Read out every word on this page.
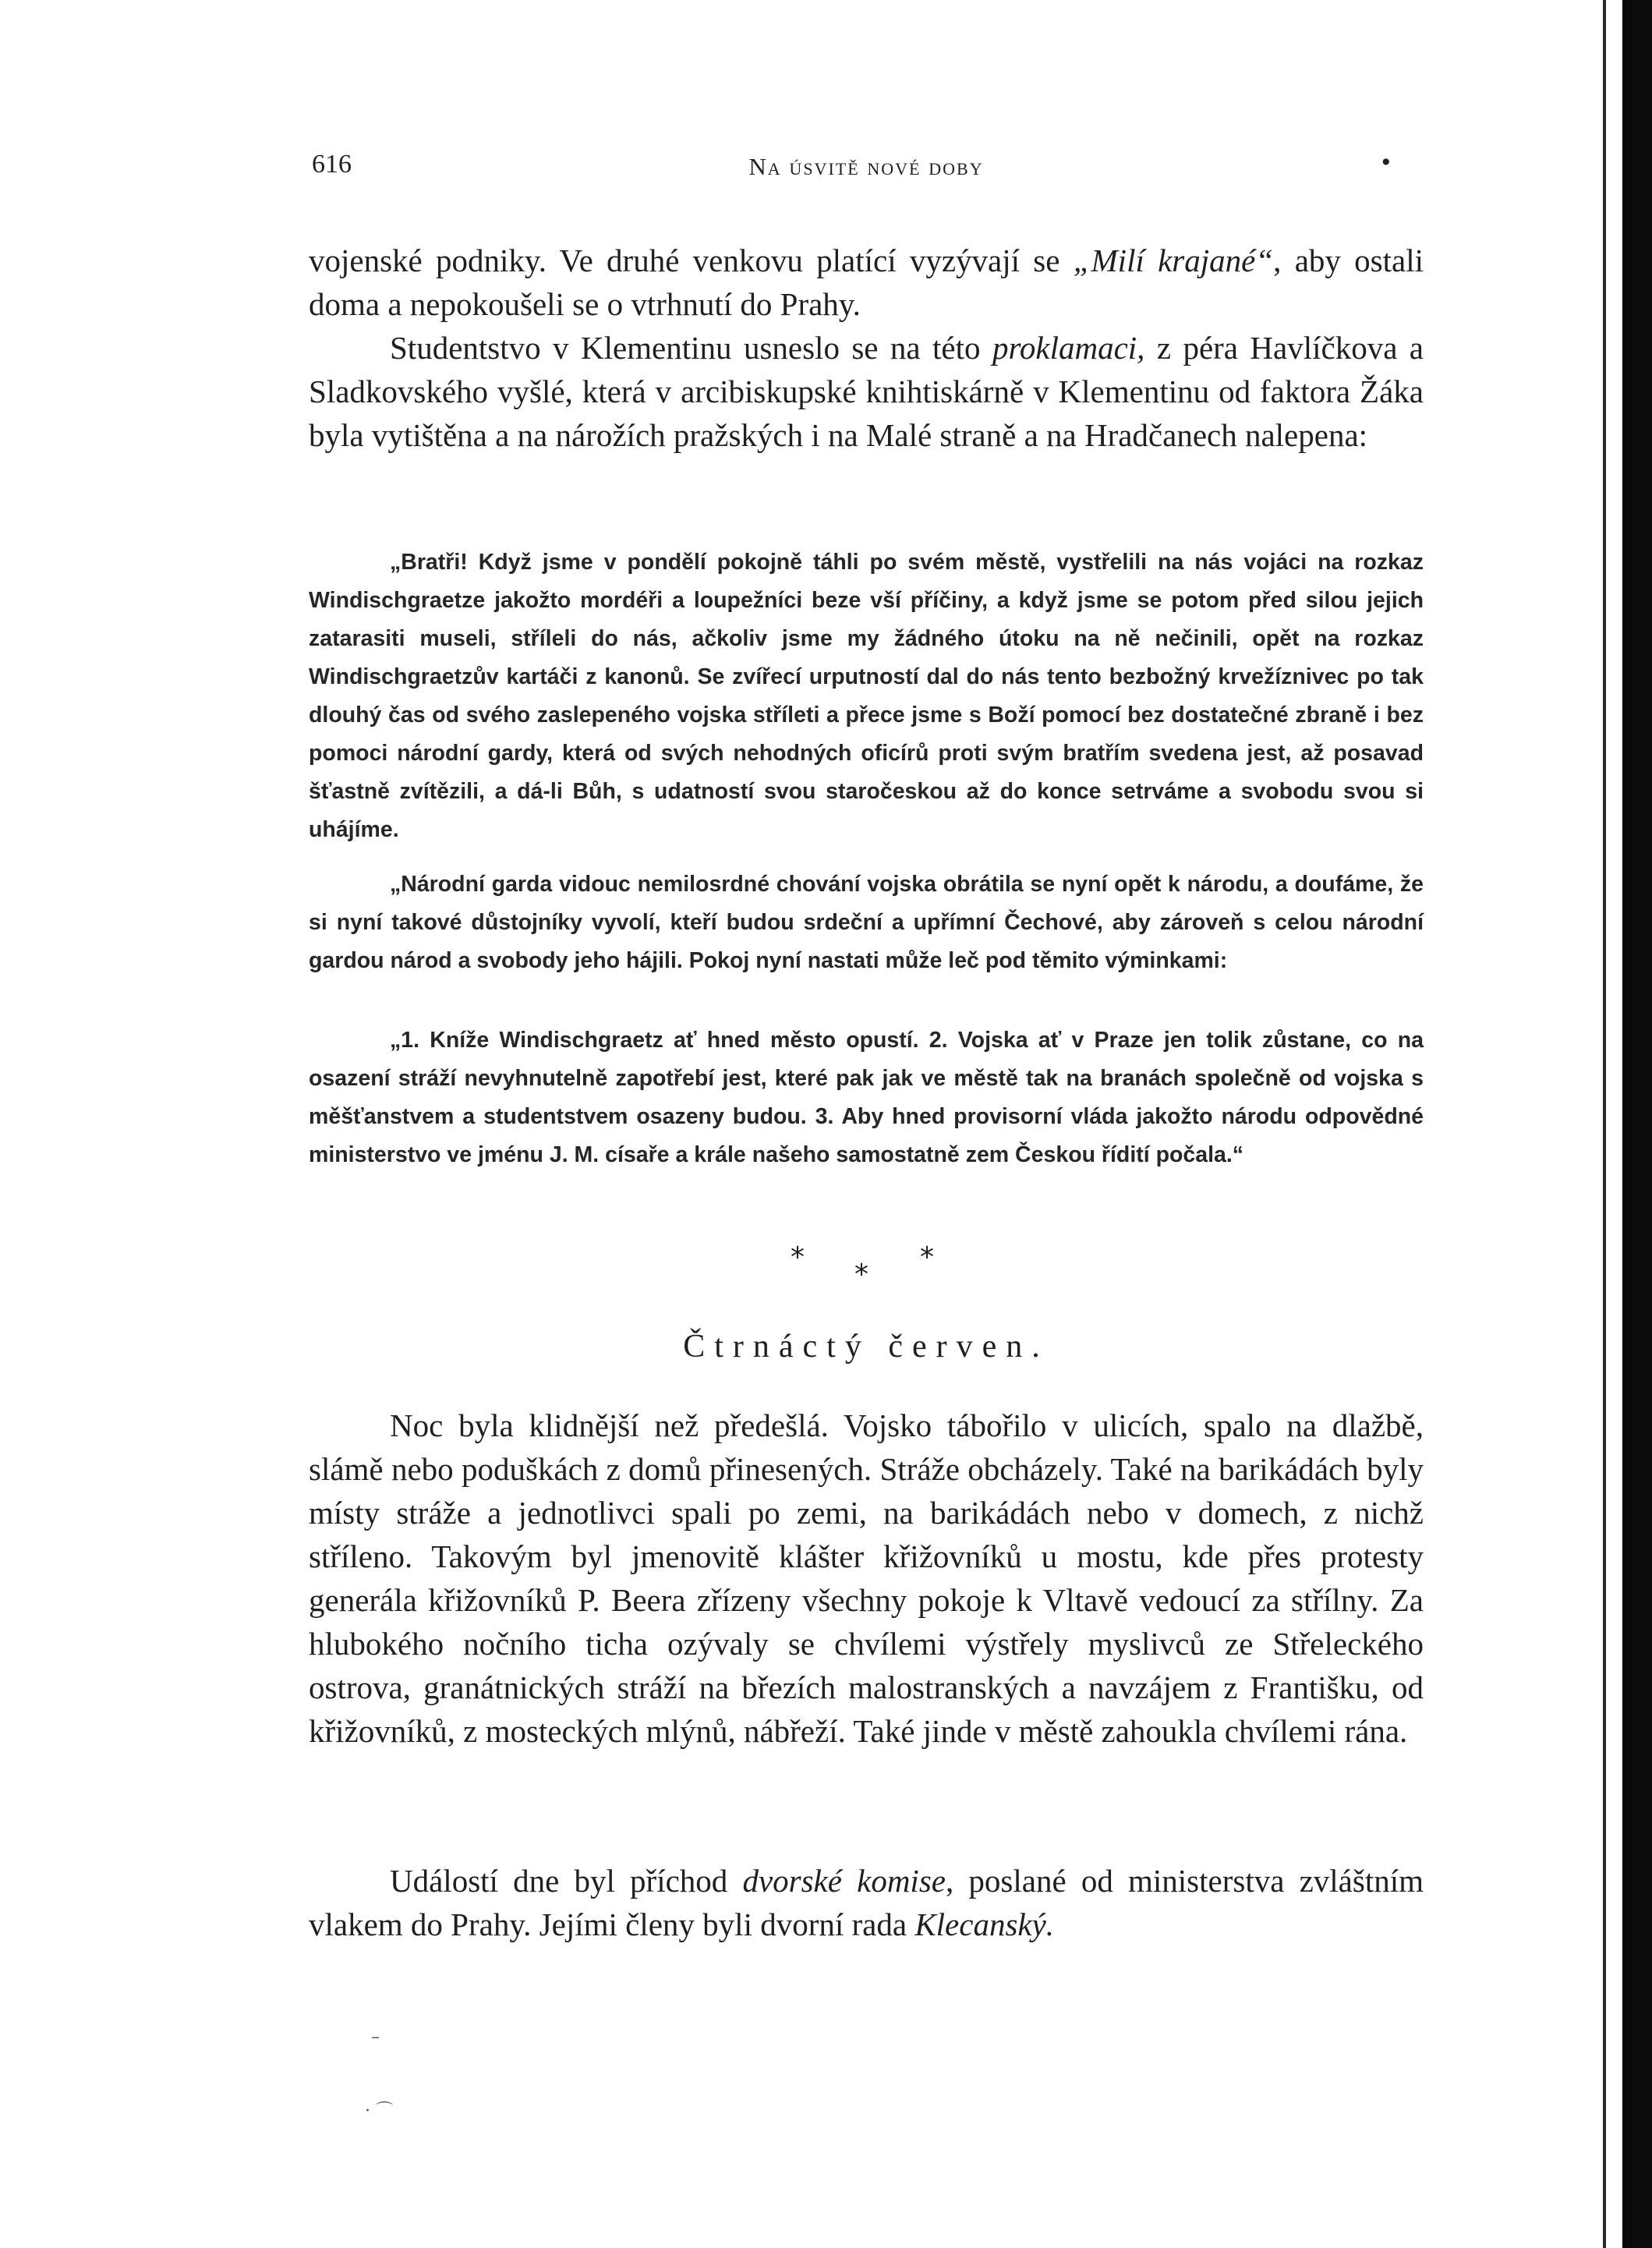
616	Na úsvitě nové doby	•

vojenské podniky. Ve druhé venkovu platící vyzývají se „Milí krajané“, aby ostali doma a nepokoušeli se o vtrhnutí do Prahy.

Studentstvo v Klementinu usneslo se na této proklamaci, z péra Havlíčkova a Sladkovského vyšlé, která v arcibiskupské knihtiskárně v Klementinu od faktora Žáka byla vytištěna a na nárožích pražských i na Malé straně a na Hradčanech nalepena:

„Bratři! Když jsme v pondělí pokojně táhli po svém městě, vystřelili na nás vojáci na rozkaz Windischgraetze jakožto mordéři a loupežníci beze vší příčiny, a když jsme se potom před silou jejich zatarasiti museli, stříleli do nás, ačkoliv jsme my žádného útoku na ně nečinili, opět na rozkaz Windischgraetzův kartáči z kanonů. Se zvířecí urputností dal do nás tento bezbožný krvežíznivec po tak dlouhý čas od svého zaslepeného vojska stříleti a přece jsme s Boží pomocí bez dostatečné zbraně i bez pomoci národní gardy, která od svých nehodných oficírů proti svým bratřím svedena jest, až posavad šťastně zvítězili, a dá-li Bůh, s udatností svou staročeskou až do konce setrváme a svobodu svou si uhájíme.

„Národní garda vidouc nemilosrdné chování vojska obrátila se nyní opět k národu, a doufáme, že si nyní takové důstojníky vyvolí, kteří budou srdeční a upřímní Čechové, aby zároveň s celou národní gardou národ a svobody jeho hájili. Pokoj nyní nastati může leč pod těmito výminkami:

„1. Kníže Windischgraetz ať hned město opustí. 2. Vojska ať v Praze jen tolik zůstane, co na osazení stráží nevyhnutelně zapotřebí jest, které pak jak ve městě tak na branách společně od vojska s měšťanstvem a studentstvem osazeny budou. 3. Aby hned provisorní vláda jakožto národu odpovědné ministerstvo ve jménu J. M. císaře a krále našeho samostatně zem Českou řídití počala.“

*
*
*
Čtrnáctý červen.

Noc byla klidnější než předešlá. Vojsko tábořilo v ulicích, spalo na dlažbě, slámě nebo poduškách z domů přinesených. Stráže obcházely. Také na barikádách byly místy stráže a jednotlivci spali po zemi, na barikádách nebo v domech, z nichž stříleno. Takovým byl jmenovitě klášter křižovníků u mostu, kde přes protesty generála křižovníků P. Beera zřízeny všechny pokoje k Vltavě vedoucí za střílny. Za hlubokého nočního ticha ozývaly se chvílemi výstřely myslivců ze Střeleckého ostrova, granátnických stráží na březích malostranských a navzájem z Františku, od křižovníků, z mosteckých mlýnů, nábřeží. Také jinde v městě zahoukla chvílemi rána.

Událostí dne byl příchod dvorské komise, poslané od ministerstva zvláštním vlakem do Prahy. Jejími členy byli dvorní rada Klecanský.

–
· ⌒
